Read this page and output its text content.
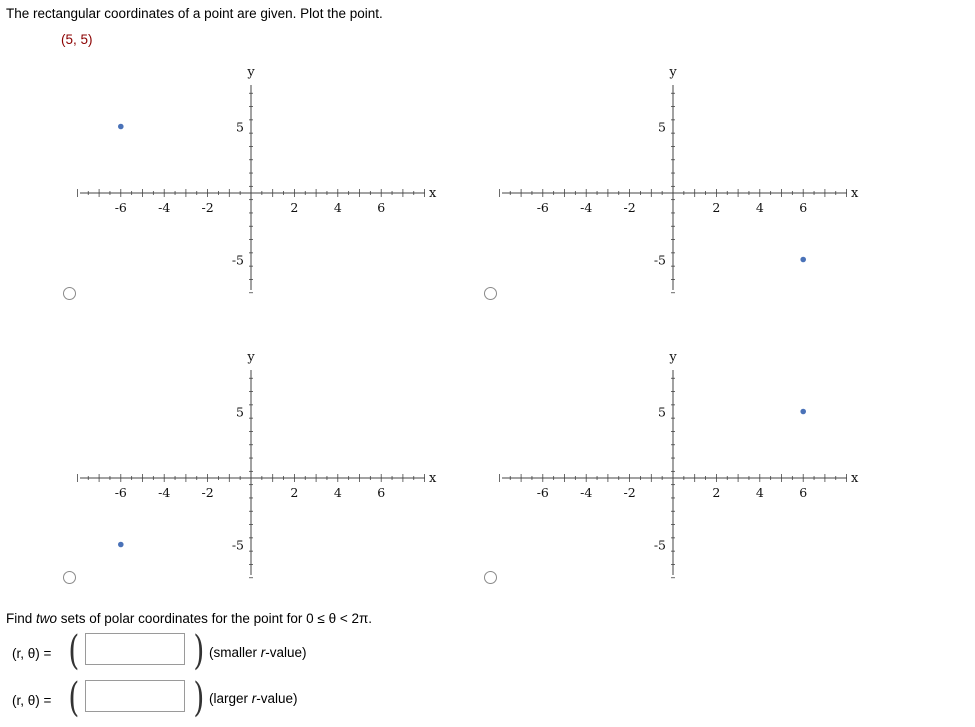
The rectangular coordinates of a point are given. Plot the point.
(5, 5)
-6 -4 -2	2	4	6
5
-5
x
y
-6 -4 -2	2	4	6
5
-5
x
y
-6 -4 -2	2	4	6
5
-5
x
y
-6 -4 -2	2	4	6
5
-5
x
y
Find two sets of polar coordinates for the point for 0 ≤ θ < 2π.
(r, θ) = (	) (smaller r-value)
(r, θ) = (	) (larger r-value)
